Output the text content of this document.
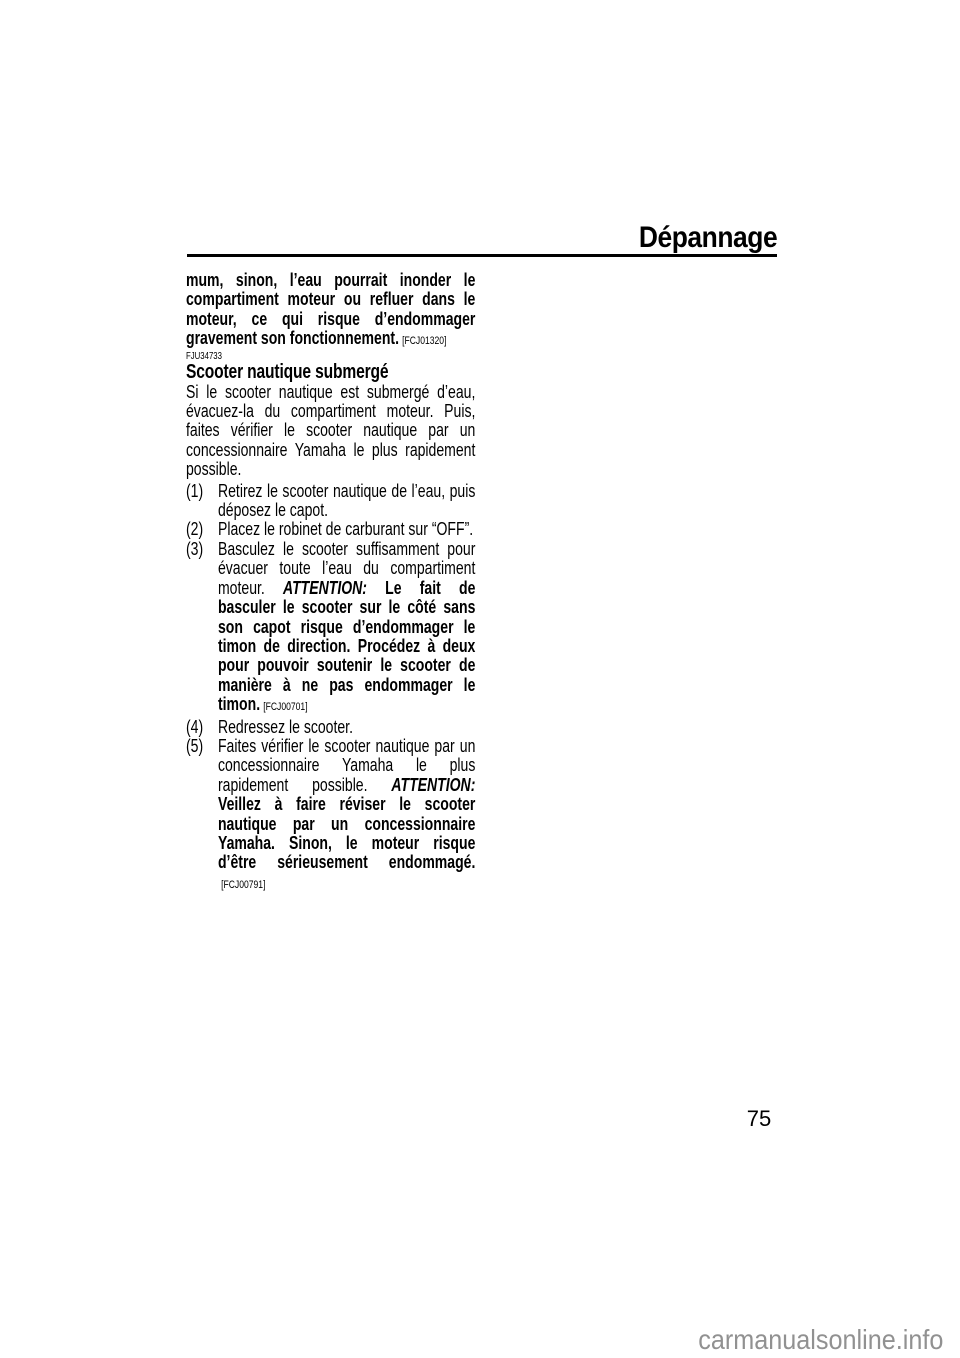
Dépannage

mum, sinon, l’eau pourrait inonder le compartiment moteur ou refluer dans le moteur, ce qui risque d’endommager gravement son fonctionnement. [FCJ01320]

FJU34733
Scooter nautique submergé

Si le scooter nautique est submergé d’eau, évacuez-la du compartiment moteur. Puis, faites vérifier le scooter nautique par un concessionnaire Yamaha le plus rapidement possible.

(1) Retirez le scooter nautique de l’eau, puis déposez le capot.
(2) Placez le robinet de carburant sur “OFF”.
(3) Basculez le scooter suffisamment pour évacuer toute l’eau du compartiment moteur. ATTENTION: Le fait de basculer le scooter sur le côté sans son capot risque d’endommager le timon de direction. Procédez à deux pour pouvoir soutenir le scooter de manière à ne pas endommager le timon. [FCJ00701]
(4) Redressez le scooter.
(5) Faites vérifier le scooter nautique par un concessionnaire Yamaha le plus rapidement possible. ATTENTION: Veillez à faire réviser le scooter nautique par un concessionnaire Yamaha. Sinon, le moteur risque d’être sérieusement endommagé.[FCJ00791]
75
carmanualsonline.info
